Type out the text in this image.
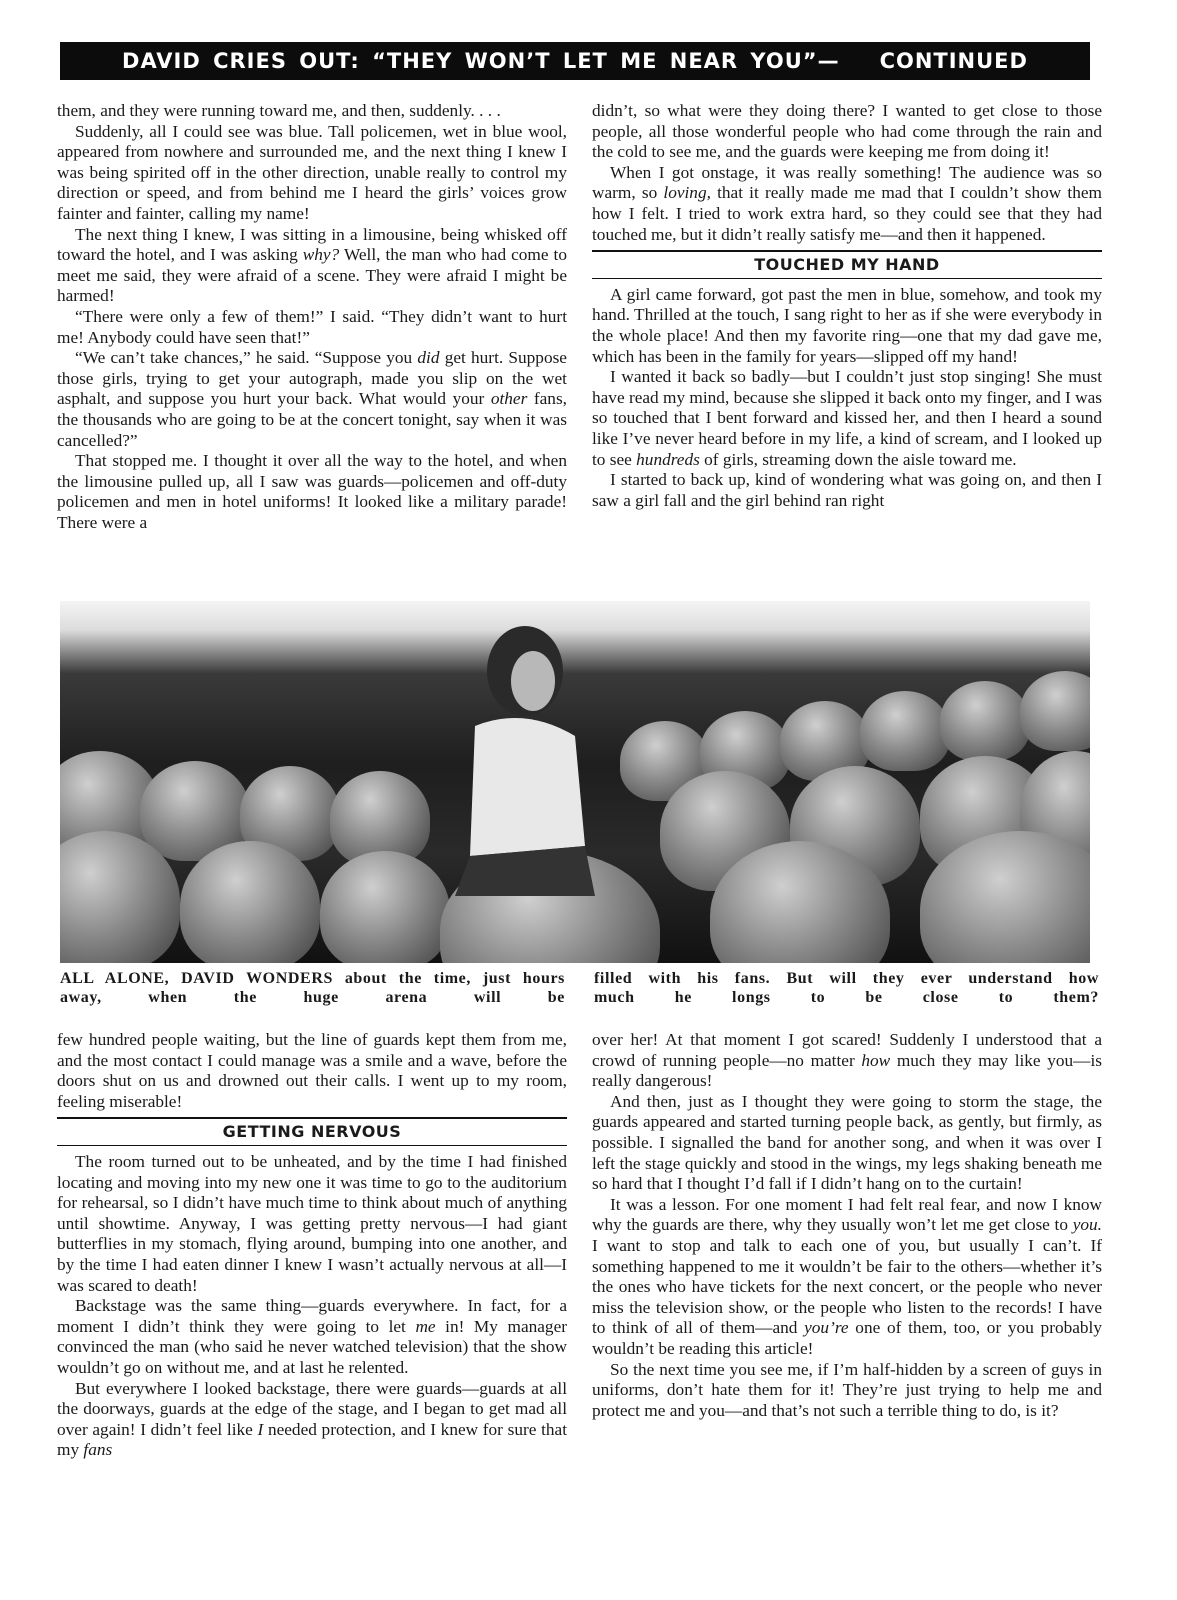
DAVID CRIES OUT: “THEY WON’T LET ME NEAR YOU”— CONTINUED

them, and they were running toward me, and then, suddenly. . . .

Suddenly, all I could see was blue. Tall policemen, wet in blue wool, appeared from nowhere and surrounded me, and the next thing I knew I was being spirited off in the other direction, unable really to control my direction or speed, and from behind me I heard the girls’ voices grow fainter and fainter, calling my name!

The next thing I knew, I was sitting in a limousine, being whisked off toward the hotel, and I was asking why? Well, the man who had come to meet me said, they were afraid of a scene. They were afraid I might be harmed!

“There were only a few of them!” I said. “They didn’t want to hurt me! Anybody could have seen that!”

“We can’t take chances,” he said. “Suppose you did get hurt. Suppose those girls, trying to get your autograph, made you slip on the wet asphalt, and suppose you hurt your back. What would your other fans, the thousands who are going to be at the concert tonight, say when it was cancelled?”

That stopped me. I thought it over all the way to the hotel, and when the limousine pulled up, all I saw was guards—policemen and off-duty policemen and men in hotel uniforms! It looked like a military parade! There were a

didn’t, so what were they doing there? I wanted to get close to those people, all those wonderful people who had come through the rain and the cold to see me, and the guards were keeping me from doing it!

When I got onstage, it was really something! The audience was so warm, so loving, that it really made me mad that I couldn’t show them how I felt. I tried to work extra hard, so they could see that they had touched me, but it didn’t really satisfy me—and then it happened.

TOUCHED MY HAND

A girl came forward, got past the men in blue, somehow, and took my hand. Thrilled at the touch, I sang right to her as if she were everybody in the whole place! And then my favorite ring—one that my dad gave me, which has been in the family for years—slipped off my hand!

I wanted it back so badly—but I couldn’t just stop singing! She must have read my mind, because she slipped it back onto my finger, and I was so touched that I bent forward and kissed her, and then I heard a sound like I’ve never heard before in my life, a kind of scream, and I looked up to see hundreds of girls, streaming down the aisle toward me.

I started to back up, kind of wondering what was going on, and then I saw a girl fall and the girl behind ran right

ALL ALONE, DAVID WONDERS about the time, just hours away, when the huge arena will be
filled with his fans. But will they ever understand how much he longs to be close to them?

few hundred people waiting, but the line of guards kept them from me, and the most contact I could manage was a smile and a wave, before the doors shut on us and drowned out their calls. I went up to my room, feeling miserable!

GETTING NERVOUS

The room turned out to be unheated, and by the time I had finished locating and moving into my new one it was time to go to the auditorium for rehearsal, so I didn’t have much time to think about much of anything until showtime. Anyway, I was getting pretty nervous—I had giant butterflies in my stomach, flying around, bumping into one another, and by the time I had eaten dinner I knew I wasn’t actually nervous at all—I was scared to death!

Backstage was the same thing—guards everywhere. In fact, for a moment I didn’t think they were going to let me in! My manager convinced the man (who said he never watched television) that the show wouldn’t go on without me, and at last he relented.

But everywhere I looked backstage, there were guards—guards at all the doorways, guards at the edge of the stage, and I began to get mad all over again! I didn’t feel like I needed protection, and I knew for sure that my fans

over her! At that moment I got scared! Suddenly I understood that a crowd of running people—no matter how much they may like you—is really dangerous!

And then, just as I thought they were going to storm the stage, the guards appeared and started turning people back, as gently, but firmly, as possible. I signalled the band for another song, and when it was over I left the stage quickly and stood in the wings, my legs shaking beneath me so hard that I thought I’d fall if I didn’t hang on to the curtain!

It was a lesson. For one moment I had felt real fear, and now I know why the guards are there, why they usually won’t let me get close to you. I want to stop and talk to each one of you, but usually I can’t. If something happened to me it wouldn’t be fair to the others—whether it’s the ones who have tickets for the next concert, or the people who never miss the television show, or the people who listen to the records! I have to think of all of them—and you’re one of them, too, or you probably wouldn’t be reading this article!

So the next time you see me, if I’m half-hidden by a screen of guys in uniforms, don’t hate them for it! They’re just trying to help me and protect me and you—and that’s not such a terrible thing to do, is it?
